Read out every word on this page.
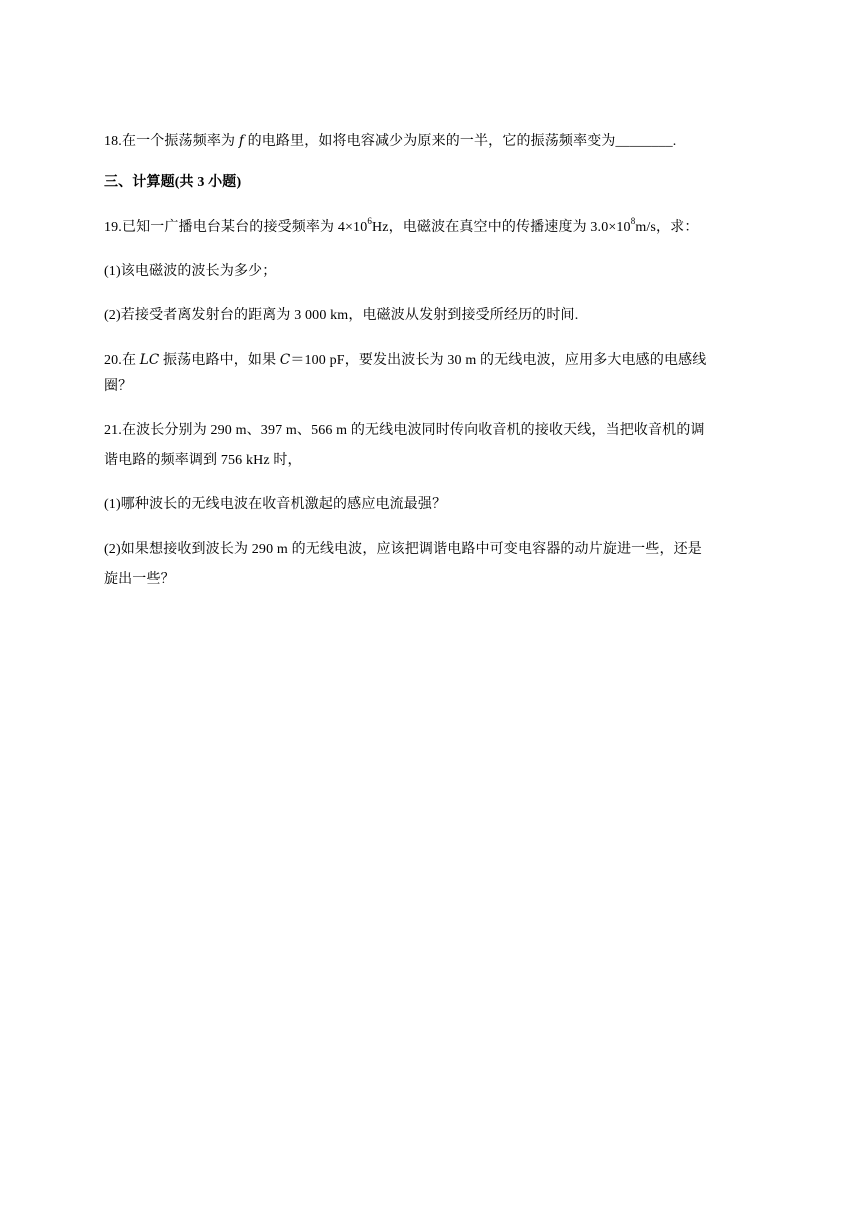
18.在一个振荡频率为 f 的电路里，如将电容减少为原来的一半，它的振荡频率变为________.
三、计算题(共 3 小题)
19.已知一广播电台某台的接受频率为 $4\times 10^6Hz$，电磁波在真空中的传播速度为 $3.0\times 10^8m/s$，求：
(1)该电磁波的波长为多少；
(2)若接受者离发射台的距离为 3 000 km，电磁波从发射到接受所经历的时间.
20.在 LC 振荡电路中，如果 C＝100 pF，要发出波长为 30 m 的无线电波，应用多大电感的电感线
圈？
21.在波长分别为 290 m、397 m、566 m 的无线电波同时传向收音机的接收天线，当把收音机的调
谐电路的频率调到 756 kHz 时，
(1)哪种波长的无线电波在收音机激起的感应电流最强？
(2)如果想接收到波长为 290 m 的无线电波，应该把调谐电路中可变电容器的动片旋进一些，还是
旋出一些？
